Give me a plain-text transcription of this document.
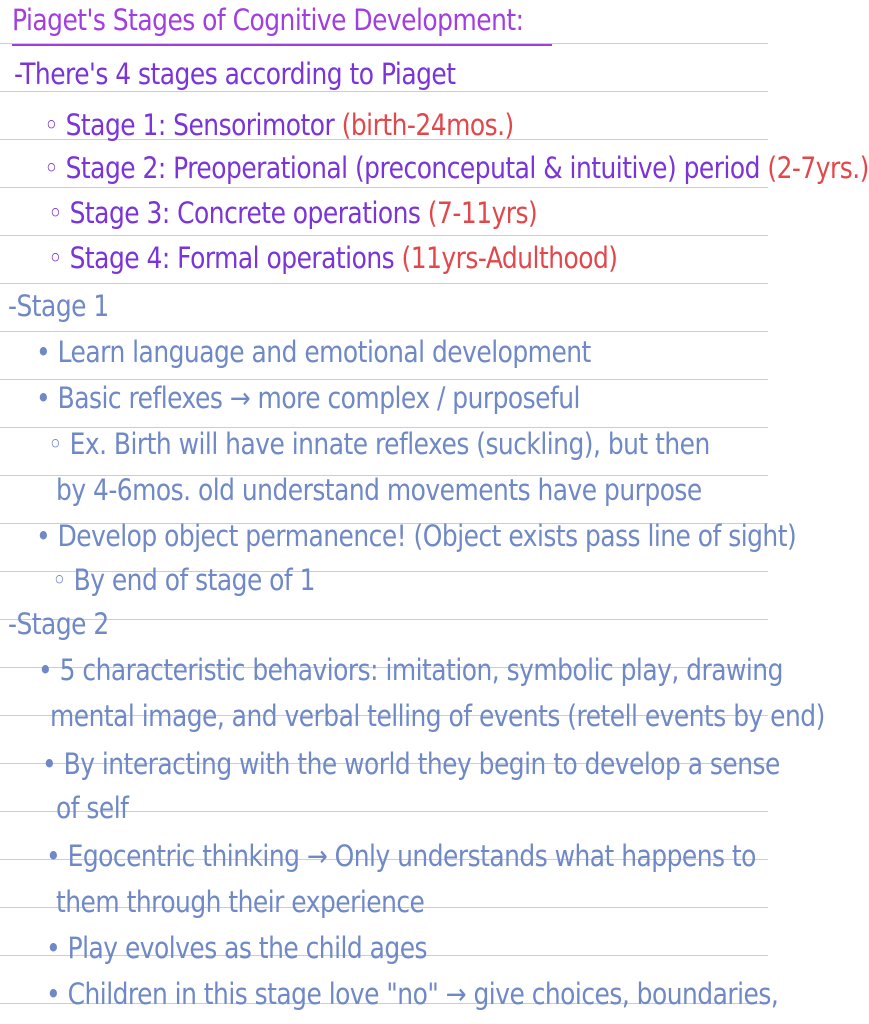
Piaget's Stages of Cognitive Development:
-There's 4 stages according to Piaget
◦ Stage 1: Sensorimotor (birth-24mos.)
◦ Stage 2: Preoperational (preconceputal & intuitive) period (2-7yrs.)
◦ Stage 3: Concrete operations (7-11yrs)
◦ Stage 4: Formal operations (11yrs-Adulthood)
-Stage 1
• Learn language and emotional development
• Basic reflexes → more complex / purposeful
◦ Ex. Birth will have innate reflexes (suckling), but then
by 4-6mos. old understand movements have purpose
• Develop object permanence! (Object exists pass line of sight)
◦ By end of stage of 1
-Stage 2
• 5 characteristic behaviors: imitation, symbolic play, drawing
mental image, and verbal telling of events (retell events by end)
• By interacting with the world they begin to develop a sense
of self
• Egocentric thinking → Only understands what happens to
them through their experience
• Play evolves as the child ages
• Children in this stage love "no" → give choices, boundaries,
